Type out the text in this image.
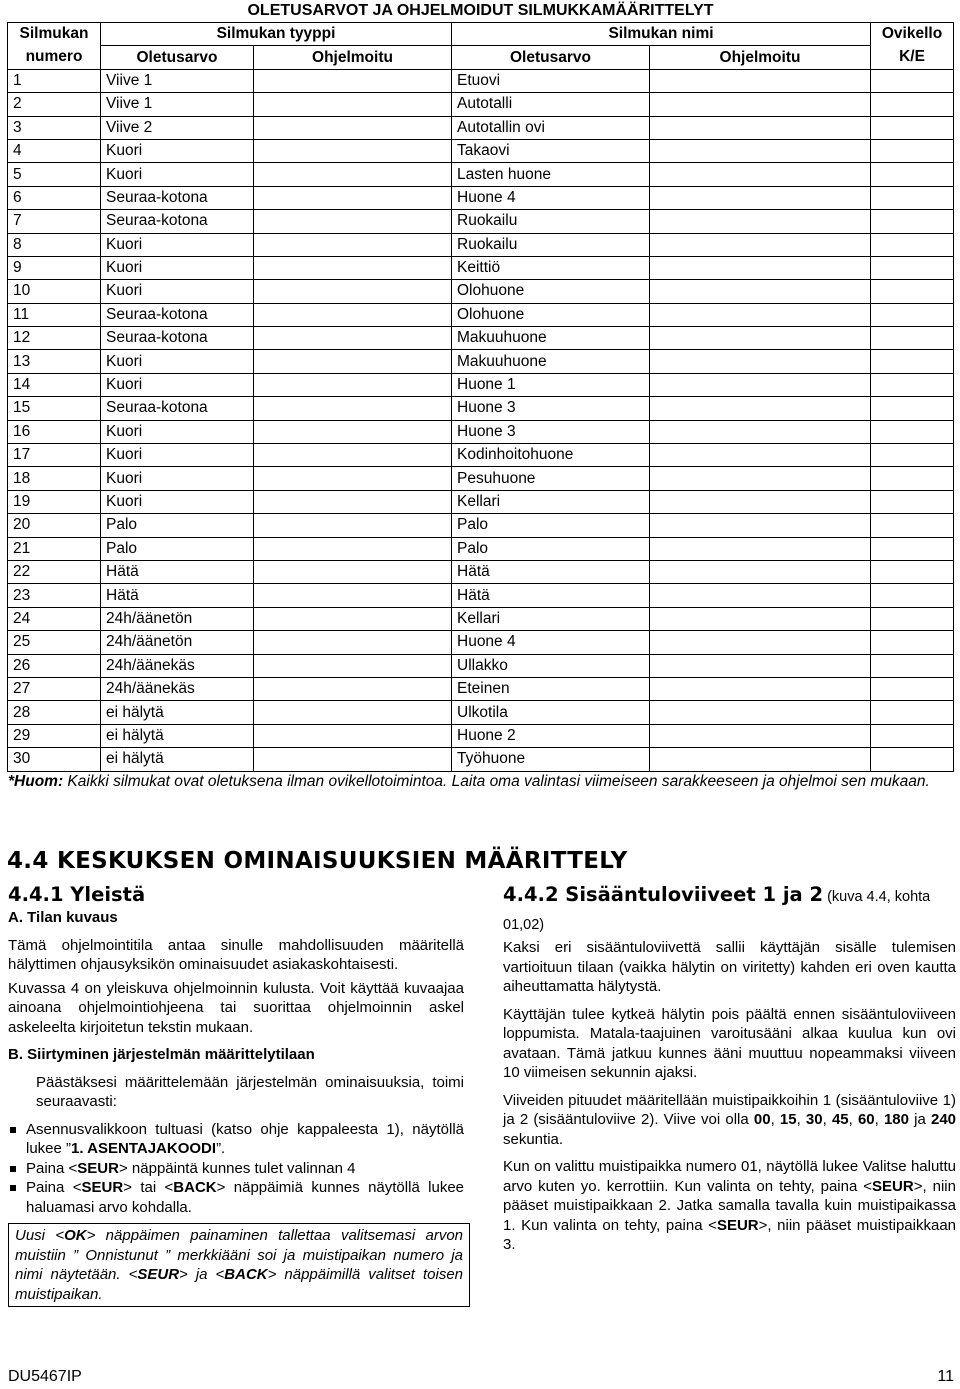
OLETUSARVOT JA OHJELMOIDUT SILMUKKAMÄÄRITTELYT					
Silmukan	Silmukan tyyppi		Silmukan nimi		Ovikello
numero	Oletusarvo	Ohjelmoitu	Oletusarvo	Ohjelmoitu	K/E
1	Viive 1		Etuovi		
2	Viive 1		Autotalli		
3	Viive 2		Autotallin ovi		
4	Kuori		Takaovi		
5	Kuori		Lasten huone		
6	Seuraa-kotona		Huone 4		
7	Seuraa-kotona		Ruokailu		
8	Kuori		Ruokailu		
9	Kuori		Keittiö		
10	Kuori		Olohuone		
11	Seuraa-kotona		Olohuone		
12	Seuraa-kotona		Makuuhuone		
13	Kuori		Makuuhuone		
14	Kuori		Huone 1		
15	Seuraa-kotona		Huone 3		
16	Kuori		Huone 3		
17	Kuori		Kodinhoitohuone		
18	Kuori		Pesuhuone		
19	Kuori		Kellari		
20	Palo		Palo		
21	Palo		Palo		
22	Hätä		Hätä		
23	Hätä		Hätä		
24	24h/äänetön		Kellari		
25	24h/äänetön		Huone 4		
26	24h/äänekäs		Ullakko		
27	24h/äänekäs		Eteinen		
28	ei hälytä		Ulkotila		
29	ei hälytä		Huone 2		
30	ei hälytä		Työhuone		
*Huom: Kaikki silmukat ovat oletuksena ilman ovikellotoimintoa. Laita oma valintasi viimeiseen sarakkeeseen ja ohjelmoi sen mukaan.
4.4 KESKUKSEN OMINAISUUKSIEN MÄÄRITTELY
4.4.1 Yleistä

A. Tilan kuvaus

Tämä ohjelmointitila antaa sinulle mahdollisuuden määritellä hälyttimen ohjausyksikön ominaisuudet asiakaskohtaisesti.

Kuvassa 4 on yleiskuva ohjelmoinnin kulusta. Voit käyttää kuvaajaa ainoana ohjelmointiohjeena tai suorittaa ohjelmoinnin askel askeleelta kirjoitetun tekstin mukaan.

B. Siirtyminen järjestelmän määrittelytilaan

Päästäksesi määrittelemään järjestelmän ominaisuuksia, toimi seuraavasti:

Asennusvalikkoon tultuasi (katso ohje kappaleesta 1), näytöllä lukee ”1. ASENTAJAKOODI”.
Paina <SEUR> näppäintä kunnes tulet valinnan 4
Paina <SEUR> tai <BACK> näppäimiä kunnes näytöllä lukee haluamasi arvo kohdalla.
Uusi <OK> näppäimen painaminen tallettaa valitsemasi arvon muistiin ” Onnistunut ” merkkiääni soi ja muistipaikan numero ja nimi näytetään. <SEUR> ja <BACK> näppäimillä valitset toisen muistipaikan.
4.4.2 Sisääntuloviiveet 1 ja 2 (kuva 4.4, kohta 01,02)

Kaksi eri sisääntuloviivettä sallii käyttäjän sisälle tulemisen vartioituun tilaan (vaikka hälytin on viritetty) kahden eri oven kautta aiheuttamatta hälytystä.

Käyttäjän tulee kytkeä hälytin pois päältä ennen sisääntuloviiveen loppumista. Matala-taajuinen varoitusääni alkaa kuulua kun ovi avataan. Tämä jatkuu kunnes ääni muuttuu nopeammaksi viiveen 10 viimeisen sekunnin ajaksi.

Viiveiden pituudet määritellään muistipaikkoihin 1 (sisääntuloviive 1) ja 2 (sisääntuloviive 2). Viive voi olla 00, 15, 30, 45, 60, 180 ja 240 sekuntia.

Kun on valittu muistipaikka numero 01, näytöllä lukee Valitse haluttu arvo kuten yo. kerrottiin. Kun valinta on tehty, paina <SEUR>, niin pääset muistipaikkaan 2. Jatka samalla tavalla kuin muistipaikassa 1. Kun valinta on tehty, paina <SEUR>, niin pääset muistipaikkaan 3.

DU5467IP	11
